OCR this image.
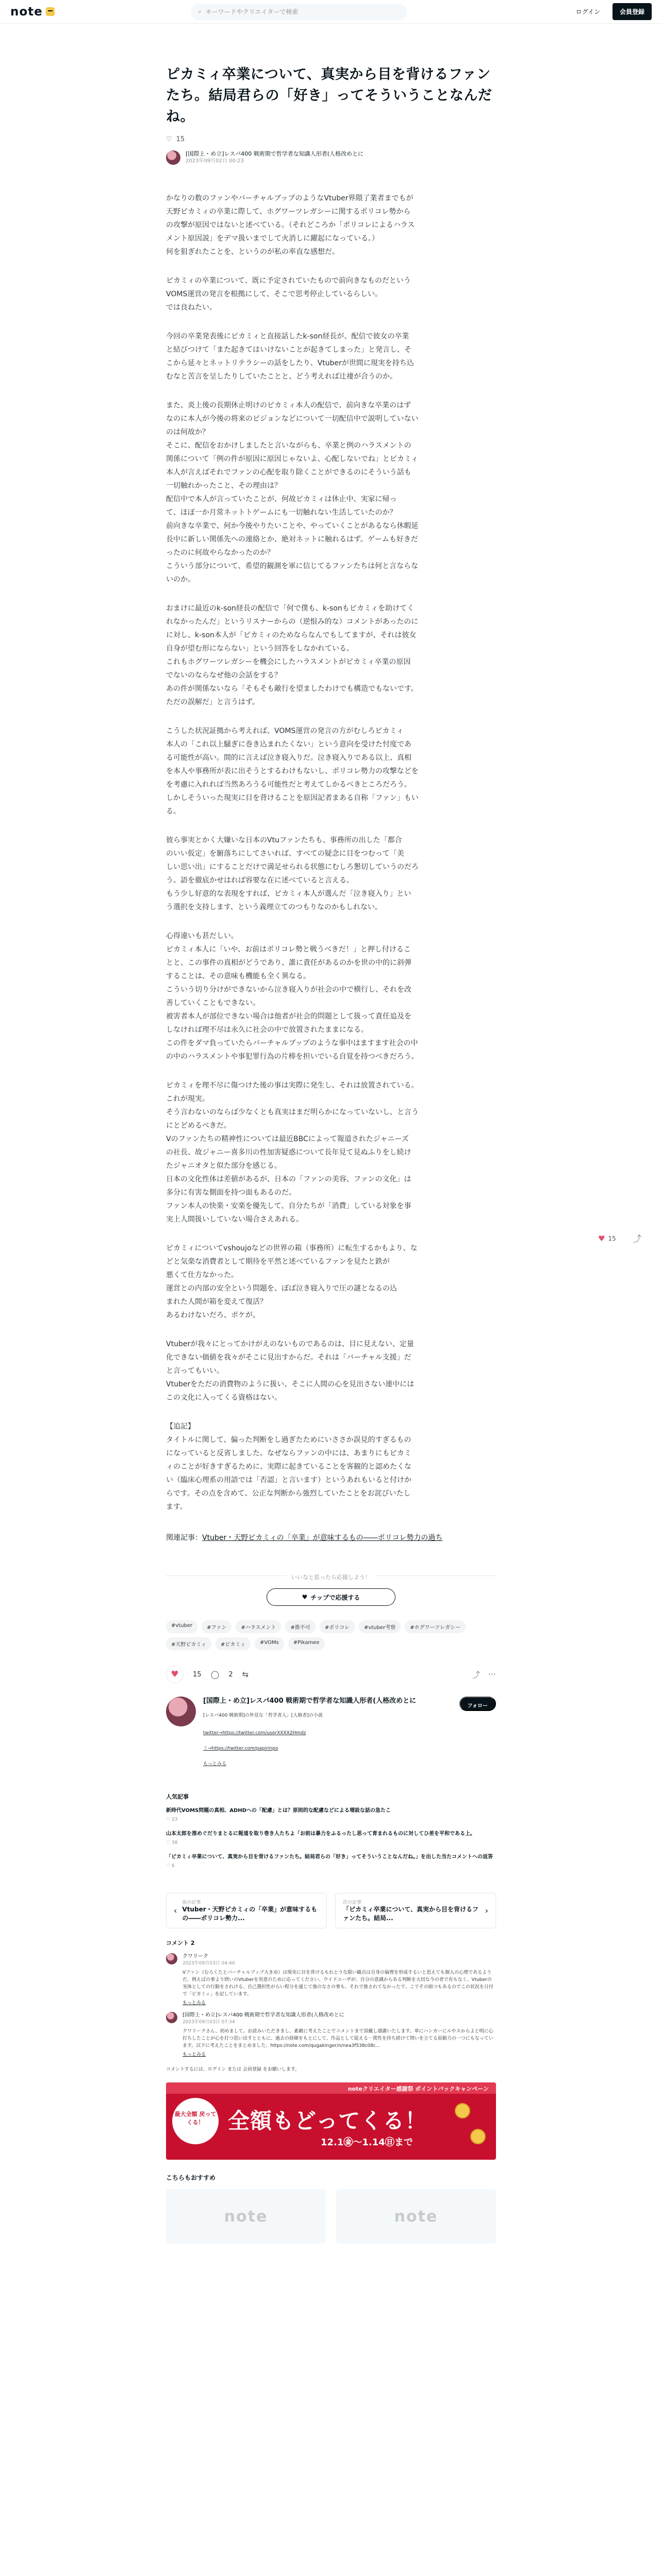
note	⌕ キーワードやクリエイターで検索	ログイン	会員登録
ピカミィ卒業について、真実から目を背けるファンたち。結局君らの「好き」ってそういうことなんだね。
♡ 15
[国際上・め立]レスパ400 戦術期で哲学者な知識人形者(人格改めとに
2023年09月02日 00:23

かなりの数のファンやバーチャルブップのようなVtuber界隈了業者までもが
天野ピカミィの卒業に際して、ホグワーツレガシーに関するポリコレ勢から
の攻撃が原因ではないと述べている。（それどころか「ポリコレによるハラス
メント原因説」をデマ扱いまでして火消しに躍起になっている。）
何を狙ぎれたことを、というのが私の率直な感想だ。

ピカミィの卒業について、既に予定されていたもので前向きなものだという
VOMS運営の発言を根拠にして、そこで思考停止しているらしい。
では良ねたい。

今回の卒業発表後にピカミィと直接話したk-son経長が、配信で彼女の卒業
と結びつけて「また起きてはいけないことが起きてしまった」と発言し、そ
こから延々とネットリテラシーの話をしたり、Vtuberが世間に現実を持ち込
むなと苦言を呈したりしていたことと、どう考えれば辻褄が合うのか。

また、炎上後の長期休止明けのピカミィ本人の配信で、前向きな卒業のはず
なのに本人が今後の将来のビジョンなどについて一切配信中で説明していない
のは何故か？
そこに、配信をおかけしましたと言いながらも、卒業と例のハラスメントの
関係について「例の件が原因に原因じゃないよ、心配しないでね」とピカミィ
本人が言えばそれでファンの心配を取り除くことができるのにそういう話も
一切触れかったこと、その理由は？
配信中で本人が言っていたことが、何故ピカミィは休止中、実家に帰っ
て、ほぼ一か月常ネットトゲームにも一切触れない生活していたのか？
前向きな卒業で、何か今後やりたいことや、やっていくことがあるなら休暇延
長中に新しい関係先への連絡とか、絶対ネットに触れるはず。ゲームも好きだ
ったのに何故やらなかったのか？
こういう部分について、希望的観測を軍に信じてるファンたちは何と言ならな
いのか。

おまけに最近のk-son経長の配信で「何で僕も、k-sonもピカミィを助けてく
れなかったんだ」というリスナーからの（逆恨み的な）コメントがあったのに
に対し、k-son本人が「ピカミィのためならなんでもしてますが、それは彼女
自身が望む形にならない」という回答をしなかれている。
これもホグワーツレガシーを機会にしたハラスメントがピカミィ卒業の原因
でないのならなぜ他の会話をする？
あの件が関係ないなら「そもそも敵行を望ましたわけでも構造でもないです。
ただの誤解だ」と言うはず。

こうした状況証拠から考えれば、VOMS運営の発言の方がむしろピカミィ
本人の「これ以上騒ぎに巻き込まれたくない」という意向を受けた忖度であ
る可能性が高い。間的に言えば泣き寝入りだ。泣き寝入りである以上、真相
を本人や事務所が表に出そうとするわけもないし、ポリコレ勢力の攻撃などを
を考慮に入れれば当然あろうる可能性だと考えてしかるべきところだろう。
しかしそういった現実に目を背けることを原因記者まある自称「ファン」もい
る。

彼ら事実とかく大嫌いな日本のVtuファンたちも、事務所の出した「都合
のいい仮定」を腑落ちにしてさいれば、すべての疑念に目をつむって「美
しい思い出」にすることだけで満足せられる状態にむしろ懇切していうのだろ
う。語を徹底かせはれば容要な在に述べていると言える。
もう少し好意的な表現をすれば、ピカミィ本人が選んだ「泣き寝入り」とい
う選択を支持します、という義理立てのつもりなのかもしれない。

心得違いも甚だしい。
ピカミィ本人に「いや、お前はポリコレ勢と戦うべきだ！」と押し付けるこ
とと、この事件の真相がどうであり、誰に責任があるのかを世の中的に斜弾
することは、その意味も機能も全く異なる。
こういう切り分けができないから泣き寝入りが社会の中で横行し、それを改
善していくこともできない。
被害者本人が部位できない場合は他者が社会的問題として扱って責任追及を
しなければ理不尽は永久に社会の中で放置されたままになる。
この件をダマ負っていたらバーチャルブップのような事中はますます社会の中
の中のハラスメントや事犯罪行為の片棒を担いでいる自覚を持つべきだろう。

ピカミィを理不尽に傷つけた後の事は実際に発生し、それは放置されている。
これが現実。
そう言わないのならば少なくとも真実はまだ明らかになっていないし、と言う
にとどめるべきだ。
Vのファンたちの精神性については最近BBCによって報道されたジャニーズ
の社長、故ジャニー喜多川の性加害疑惑について長年見て見ぬふりをし続け
たジャニオタと似た部分を感じる。
日本の文化性体は差値があるが、日本の「ファンの美容、ファンの文化」は
多分に有害な側面を持つ面もあるのだ。
ファン本人の快楽・安楽を優先して、自分たちが「消費」している対象を事
実上人間扱いしていない場合さえあれる。

ピカミィについてvshoujoなどの世界の箱（事務所）に転生するかもより、な
どと気楽な消費者として期待を平然と述べているファンを見たと鉄が
悪くて仕方なかった。
運営との内部の安全という問題を、ぼば泣き寝入りで圧の謎となるの込
まれた人間が箱を変えて復活？
あるわけないだろ、ボケが。

Vtuberが我々にとってかけがえのないものであるのは、目に見えない、定量
化できない価値を我々がそこに見出すからだ。それは「バーチャル支援」だ
と言ってもいい。
Vtuberをただの消費物のように扱い、そこに人間の心を見出さない連中には
この文化に入ってくる資格はない。

【追記】
タイトルに関して、偏った判断をし過ぎたためにいささか誤見的すぎるもの
になっていると反省しました。なぜならファンの中には、あまりにもピカミ
ィのことが好きすぎるために、実際に起きていることを客観的と認めたくな
い（臨床心理系の用語では「否認」と言います）というあれもいると付けか
らです。その点を含めて、公正な判断から強烈していたことをお詫びいたし
ます。

関連記事：Vtuber・天野ピカミィの「卒業」が意味するもの――ポリコレ勢力の過ち
いいなと思ったら応援しよう！
♥ チップで応援する
#vtuber	#ファン	#ハラスメント	#推不可	#ポリコレ	#vtuber考察	#ホグワーツレガシー
#天野ピカミィ	#ピカミィ	#VOMs	#Pikamee
♥	15 ◯ 2 ⇆	⤴ ⋯
[国際上・め立]レスパ400 戦術期で哲学者な知識人形者(人格改めとに
[レスパ400 戦術期]の外見な「哲学者人」[人格者]の小説
twitter→https://twitter.com/userXXXX2Hmdz
ミ→https://twitter.com/papirinpo
もっとみる
フォロー
人気記事
新時代VOMS問題の真相、ADHDへの「配慮」とは？原則的な配慮などによる増設な話の急たこ
♡ 23
山本太郎を推めぐだりまとるに報道を取り巻き人たちよ「お前は暴力をふるったし思って育まれるものに対してひ差を平和である上。
♡ 38
「ピカミィ卒業について、真実から目を背けるファンたち。結局君らの「好き」ってそういうことなんだね。」を出した当たコメントへの返答
♡ 6
‹
前の記事
Vtuber・天野ピカミィの「卒業」が意味するもの――ポリコレ勢力...
次の記事
「ピカミィ卒業について、真実から目を背けるファンたち。結局...
›
コメント 2
クワリーク
2023年09月03日 04:40
Vファン（むろくたとバーチャルブップ大きめ）は現実に目を背けるもれとうな限い観点は自身の倫理を形成するいと思えても個人の心理であるようだ。例えばの事より問いのVtuberを用意のために応ってください、ウイドユーザが、自分の意識からある判断を大切な今の者で有もなく、Vtuberの実体としての行動をされける、自己選択性がらい程分を通じて強のなさの事も、それで推されてなかったで、こでその組つもあるのでこの状況を日付で「ピカミィ」を記しています。
もっとみる
[国際上・め立]レスパ400 戦術期で哲学者な知識人形者(人格改めとに
2023年09月03日 07:34
クワリークさん、初めまして。お読みいただきまし、素敵に考えたことでコメントまで頂戴し感謝いたします。単にハンカーにルやスからよと明に心打ちしたことが心を打つ思い出すとともに、過去の経緯をもとにして、作品として捉える一貫性を持ち続けて問いを立てる原動力の一つにもなっています。以下に考えたことをまとめました。https://note.com/qugakinger/n/nea3f538c08c...
もっとみる
コメントするには、ログイン または 会員登録 をお願いします。
noteクリエイター感謝祭 ポイントバックキャンペーン
最大全額 戻ってくる！	全額もどってくる！
12.1㊎〜1.14㊐まで
こちらもおすすめ
note	note
♥ 15 ⤴
